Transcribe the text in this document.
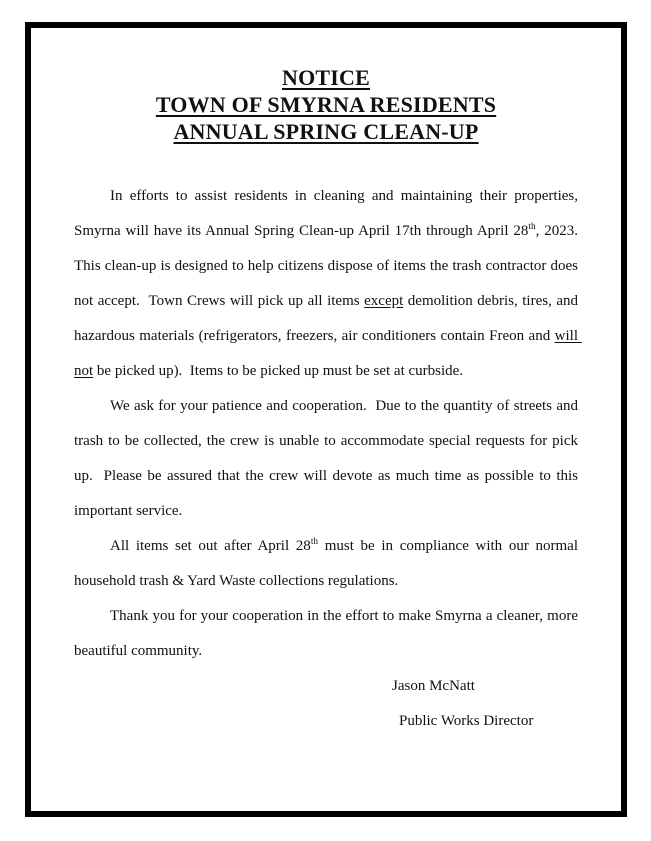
NOTICE
TOWN OF SMYRNA RESIDENTS
ANNUAL SPRING CLEAN-UP

In efforts to assist residents in cleaning and maintaining their properties, Smyrna will have its Annual Spring Clean-up April 17th through April 28th, 2023.  This clean-up is designed to help citizens dispose of items the trash contractor does not accept.  Town Crews will pick up all items except demolition debris, tires, and hazardous materials (refrigerators, freezers, air conditioners contain Freon and will not be picked up).  Items to be picked up must be set at curbside.

We ask for your patience and cooperation.  Due to the quantity of streets and trash to be collected, the crew is unable to accommodate special requests for pick up.  Please be assured that the crew will devote as much time as possible to this important service.

All items set out after April 28th must be in compliance with our normal household trash & Yard Waste collections regulations.

Thank you for your cooperation in the effort to make Smyrna a cleaner, more beautiful community.

Jason McNatt
Public Works Director
